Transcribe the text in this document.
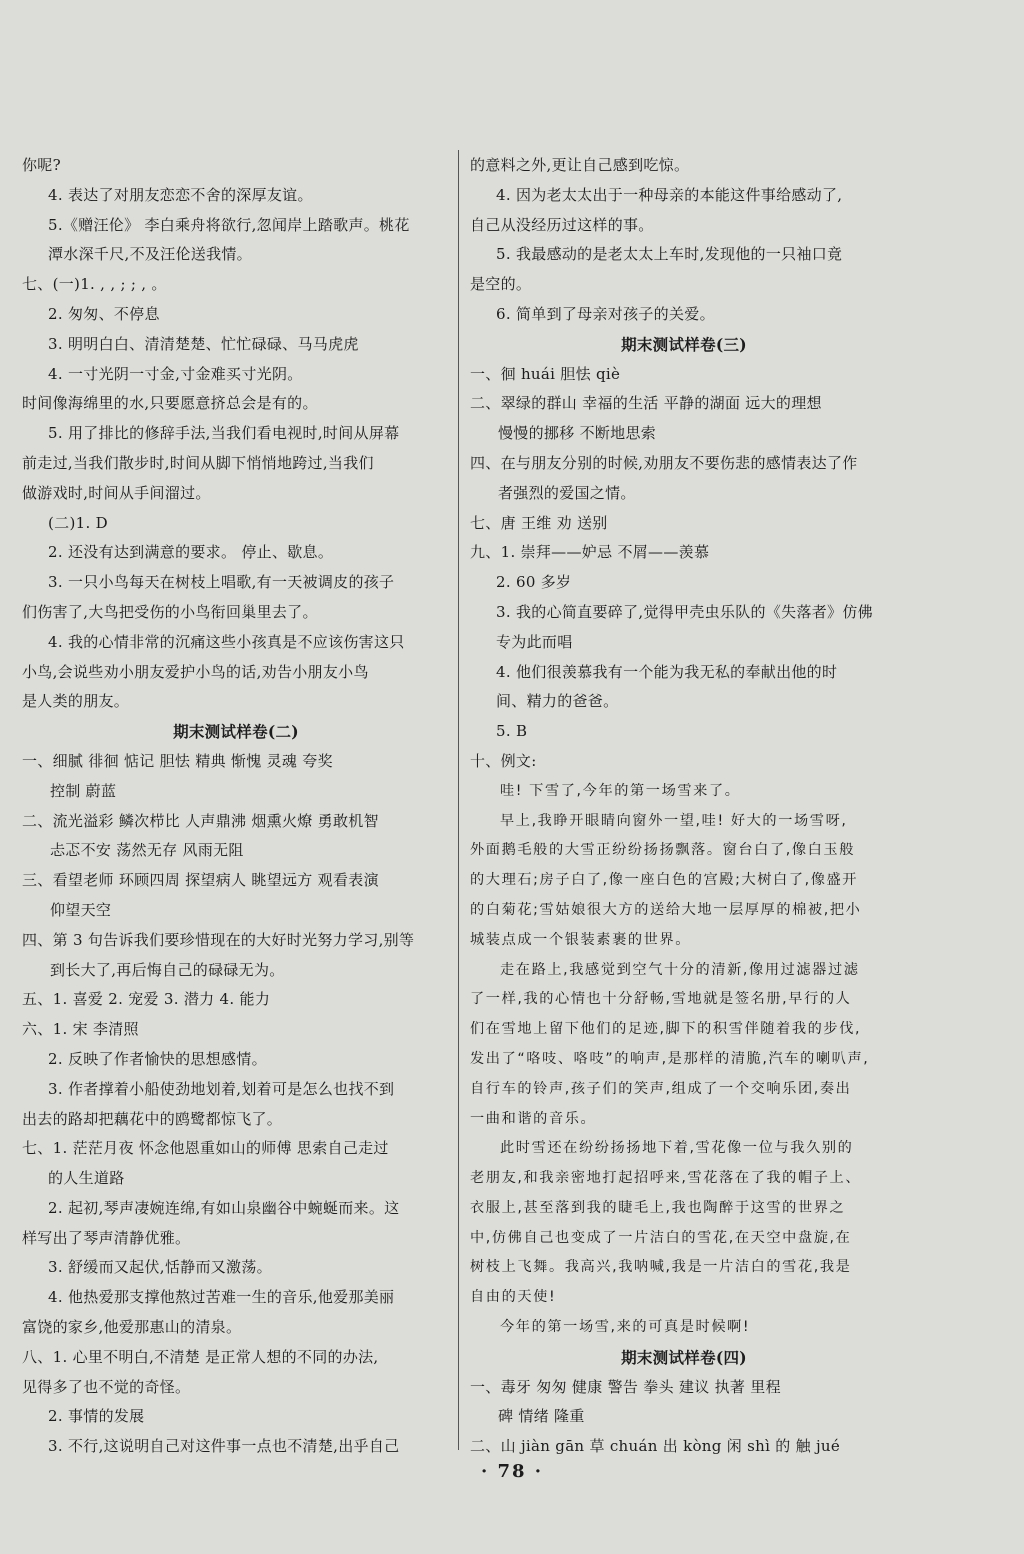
你呢?
4. 表达了对朋友恋恋不舍的深厚友谊。
5.《赠汪伦》 李白乘舟将欲行,忽闻岸上踏歌声。桃花
潭水深千尺,不及汪伦送我情。
七、(一)1. , , ; ; , 。
2. 匆匆、不停息
3. 明明白白、清清楚楚、忙忙碌碌、马马虎虎
4. 一寸光阴一寸金,寸金难买寸光阴。
时间像海绵里的水,只要愿意挤总会是有的。
5. 用了排比的修辞手法,当我们看电视时,时间从屏幕
前走过,当我们散步时,时间从脚下悄悄地跨过,当我们
做游戏时,时间从手间溜过。
(二)1. D
2. 还没有达到满意的要求。 停止、歇息。
3. 一只小鸟每天在树枝上唱歌,有一天被调皮的孩子
们伤害了,大鸟把受伤的小鸟衔回巢里去了。
4. 我的心情非常的沉痛这些小孩真是不应该伤害这只
小鸟,会说些劝小朋友爱护小鸟的话,劝告小朋友小鸟
是人类的朋友。
期末测试样卷(二)
一、细腻 徘徊 惦记 胆怯 精典 惭愧 灵魂 夸奖
控制 蔚蓝
二、流光溢彩 鳞次栉比 人声鼎沸 烟熏火燎 勇敢机智
忐忑不安 荡然无存 风雨无阻
三、看望老师 环顾四周 探望病人 眺望远方 观看表演
仰望天空
四、第 3 句告诉我们要珍惜现在的大好时光努力学习,别等
到长大了,再后悔自己的碌碌无为。
五、1. 喜爱 2. 宠爱 3. 潜力 4. 能力
六、1. 宋 李清照
2. 反映了作者愉快的思想感情。
3. 作者撑着小船使劲地划着,划着可是怎么也找不到
出去的路却把藕花中的鸥鹭都惊飞了。
七、1. 茫茫月夜 怀念他恩重如山的师傅 思索自己走过
的人生道路
2. 起初,琴声凄婉连绵,有如山泉幽谷中蜿蜒而来。这
样写出了琴声清静优雅。
3. 舒缓而又起伏,恬静而又激荡。
4. 他热爱那支撑他熬过苦难一生的音乐,他爱那美丽
富饶的家乡,他爱那惠山的清泉。
八、1. 心里不明白,不清楚 是正常人想的不同的办法,
见得多了也不觉的奇怪。
2. 事情的发展
3. 不行,这说明自己对这件事一点也不清楚,出乎自己
的意料之外,更让自己感到吃惊。
4. 因为老太太出于一种母亲的本能这件事给感动了,
自己从没经历过这样的事。
5. 我最感动的是老太太上车时,发现他的一只袖口竟
是空的。
6. 简单到了母亲对孩子的关爱。
期末测试样卷(三)
一、徊 huái 胆怯 qiè
二、翠绿的群山 幸福的生活 平静的湖面 远大的理想
慢慢的挪移 不断地思索
四、在与朋友分别的时候,劝朋友不要伤悲的感情表达了作
者强烈的爱国之情。
七、唐 王维 劝 送别
九、1. 崇拜——妒忌 不屑——羡慕
2. 60 多岁
3. 我的心简直要碎了,觉得甲壳虫乐队的《失落者》仿佛
专为此而唱
4. 他们很羡慕我有一个能为我无私的奉献出他的时
间、精力的爸爸。
5. B
十、例文:
哇! 下雪了,今年的第一场雪来了。
早上,我睁开眼睛向窗外一望,哇! 好大的一场雪呀,
外面鹅毛般的大雪正纷纷扬扬飘落。窗台白了,像白玉般
的大理石;房子白了,像一座白色的宫殿;大树白了,像盛开
的白菊花;雪姑娘很大方的送给大地一层厚厚的棉被,把小
城装点成一个银装素裹的世界。
走在路上,我感觉到空气十分的清新,像用过滤器过滤
了一样,我的心情也十分舒畅,雪地就是签名册,早行的人
们在雪地上留下他们的足迹,脚下的积雪伴随着我的步伐,
发出了“咯吱、咯吱”的响声,是那样的清脆,汽车的喇叭声,
自行车的铃声,孩子们的笑声,组成了一个交响乐团,奏出
一曲和谐的音乐。
此时雪还在纷纷扬扬地下着,雪花像一位与我久别的
老朋友,和我亲密地打起招呼来,雪花落在了我的帽子上、
衣服上,甚至落到我的睫毛上,我也陶醉于这雪的世界之
中,仿佛自己也变成了一片洁白的雪花,在天空中盘旋,在
树枝上飞舞。我高兴,我呐喊,我是一片洁白的雪花,我是
自由的天使!
今年的第一场雪,来的可真是时候啊!
期末测试样卷(四)
一、毒牙 匆匆 健康 警告 拳头 建议 执著 里程
碑 情绪 隆重
二、山 jiàn gān 草 chuán 出 kòng 闲 shì 的 触 jué
· 78 ·
